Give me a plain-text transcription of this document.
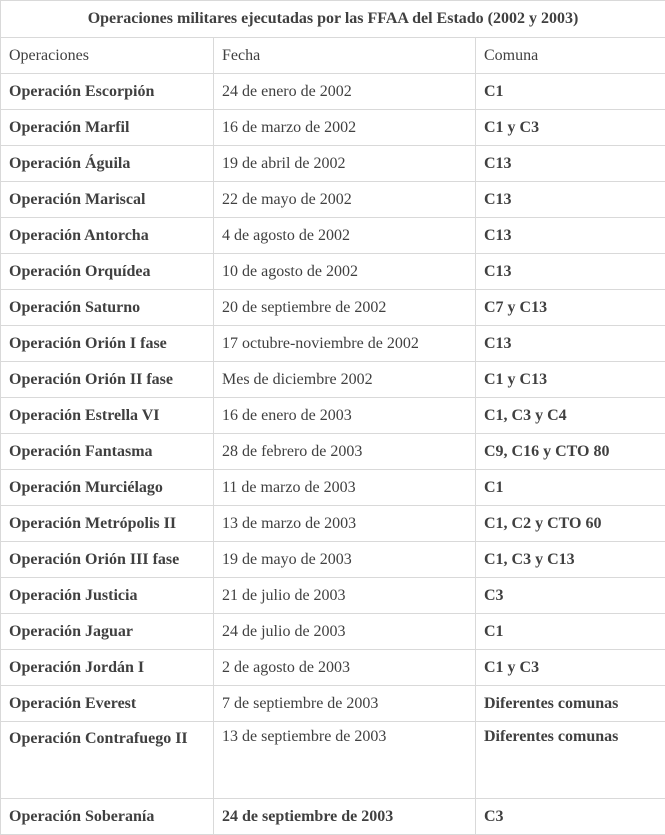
Operaciones militares ejecutadas por las FFAA del Estado (2002 y 2003)		
Operaciones	Fecha	Comuna
Operación Escorpión	24 de enero de 2002	C1
Operación Marfil	16 de marzo de 2002	C1 y C3
Operación Águila	19 de abril de 2002	C13
Operación Mariscal	22 de mayo de 2002	C13
Operación Antorcha	4 de agosto de 2002	C13
Operación Orquídea	10 de agosto de 2002	C13
Operación Saturno	20 de septiembre de 2002	C7 y C13
Operación Orión I fase	17 octubre-noviembre de 2002	C13
Operación Orión II fase	Mes de diciembre 2002	C1 y C13
Operación Estrella VI	16 de enero de 2003	C1, C3 y C4
Operación Fantasma	28 de febrero de 2003	C9, C16 y CTO 80
Operación Murciélago	11 de marzo de 2003	C1
Operación Metrópolis II	13 de marzo de 2003	C1, C2 y CTO 60
Operación Orión III fase	19 de mayo de 2003	C1, C3 y C13
Operación Justicia	21 de julio de 2003	C3
Operación Jaguar	24 de julio de 2003	C1
Operación Jordán I	2 de agosto de 2003	C1 y C3
Operación Everest	7 de septiembre de 2003	Diferentes comunas
Operación Contrafuego II	13 de septiembre de 2003	Diferentes comunas
Operación Soberanía	24 de septiembre de 2003	C3
